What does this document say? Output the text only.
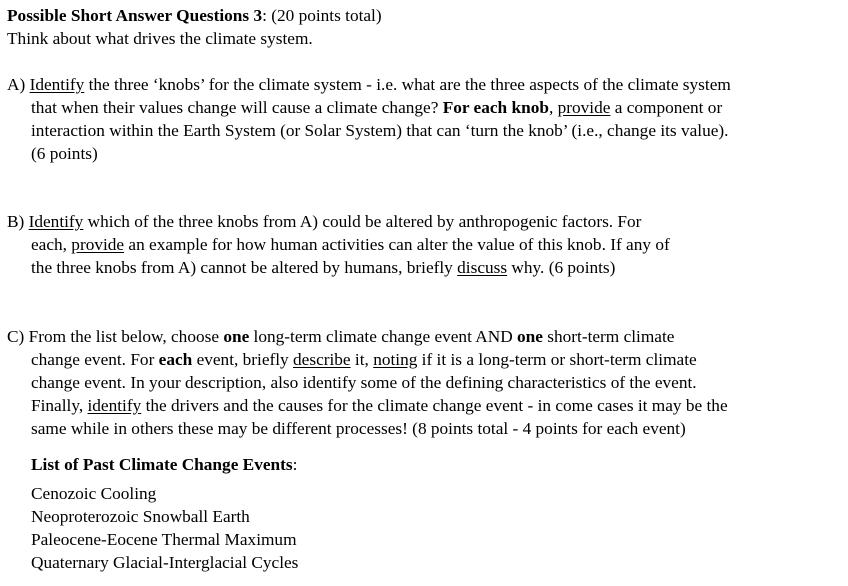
Possible Short Answer Questions 3: (20 points total)
Think about what drives the climate system.
A) Identify the three ‘knobs’ for the climate system - i.e. what are the three aspects of the climate system
that when their values change will cause a climate change? For each knob, provide a component or
interaction within the Earth System (or Solar System) that can ‘turn the knob’ (i.e., change its value).
(6 points)
B) Identify which of the three knobs from A) could be altered by anthropogenic factors. For
each, provide an example for how human activities can alter the value of this knob. If any of
the three knobs from A) cannot be altered by humans, briefly discuss why. (6 points)
C) From the list below, choose one long-term climate change event AND one short-term climate
change event. For each event, briefly describe it, noting if it is a long-term or short-term climate
change event. In your description, also identify some of the defining characteristics of the event.
Finally, identify the drivers and the causes for the climate change event - in come cases it may be the
same while in others these may be different processes! (8 points total - 4 points for each event)
List of Past Climate Change Events:
Cenozoic Cooling
Neoproterozoic Snowball Earth
Paleocene-Eocene Thermal Maximum
Quaternary Glacial-Interglacial Cycles
